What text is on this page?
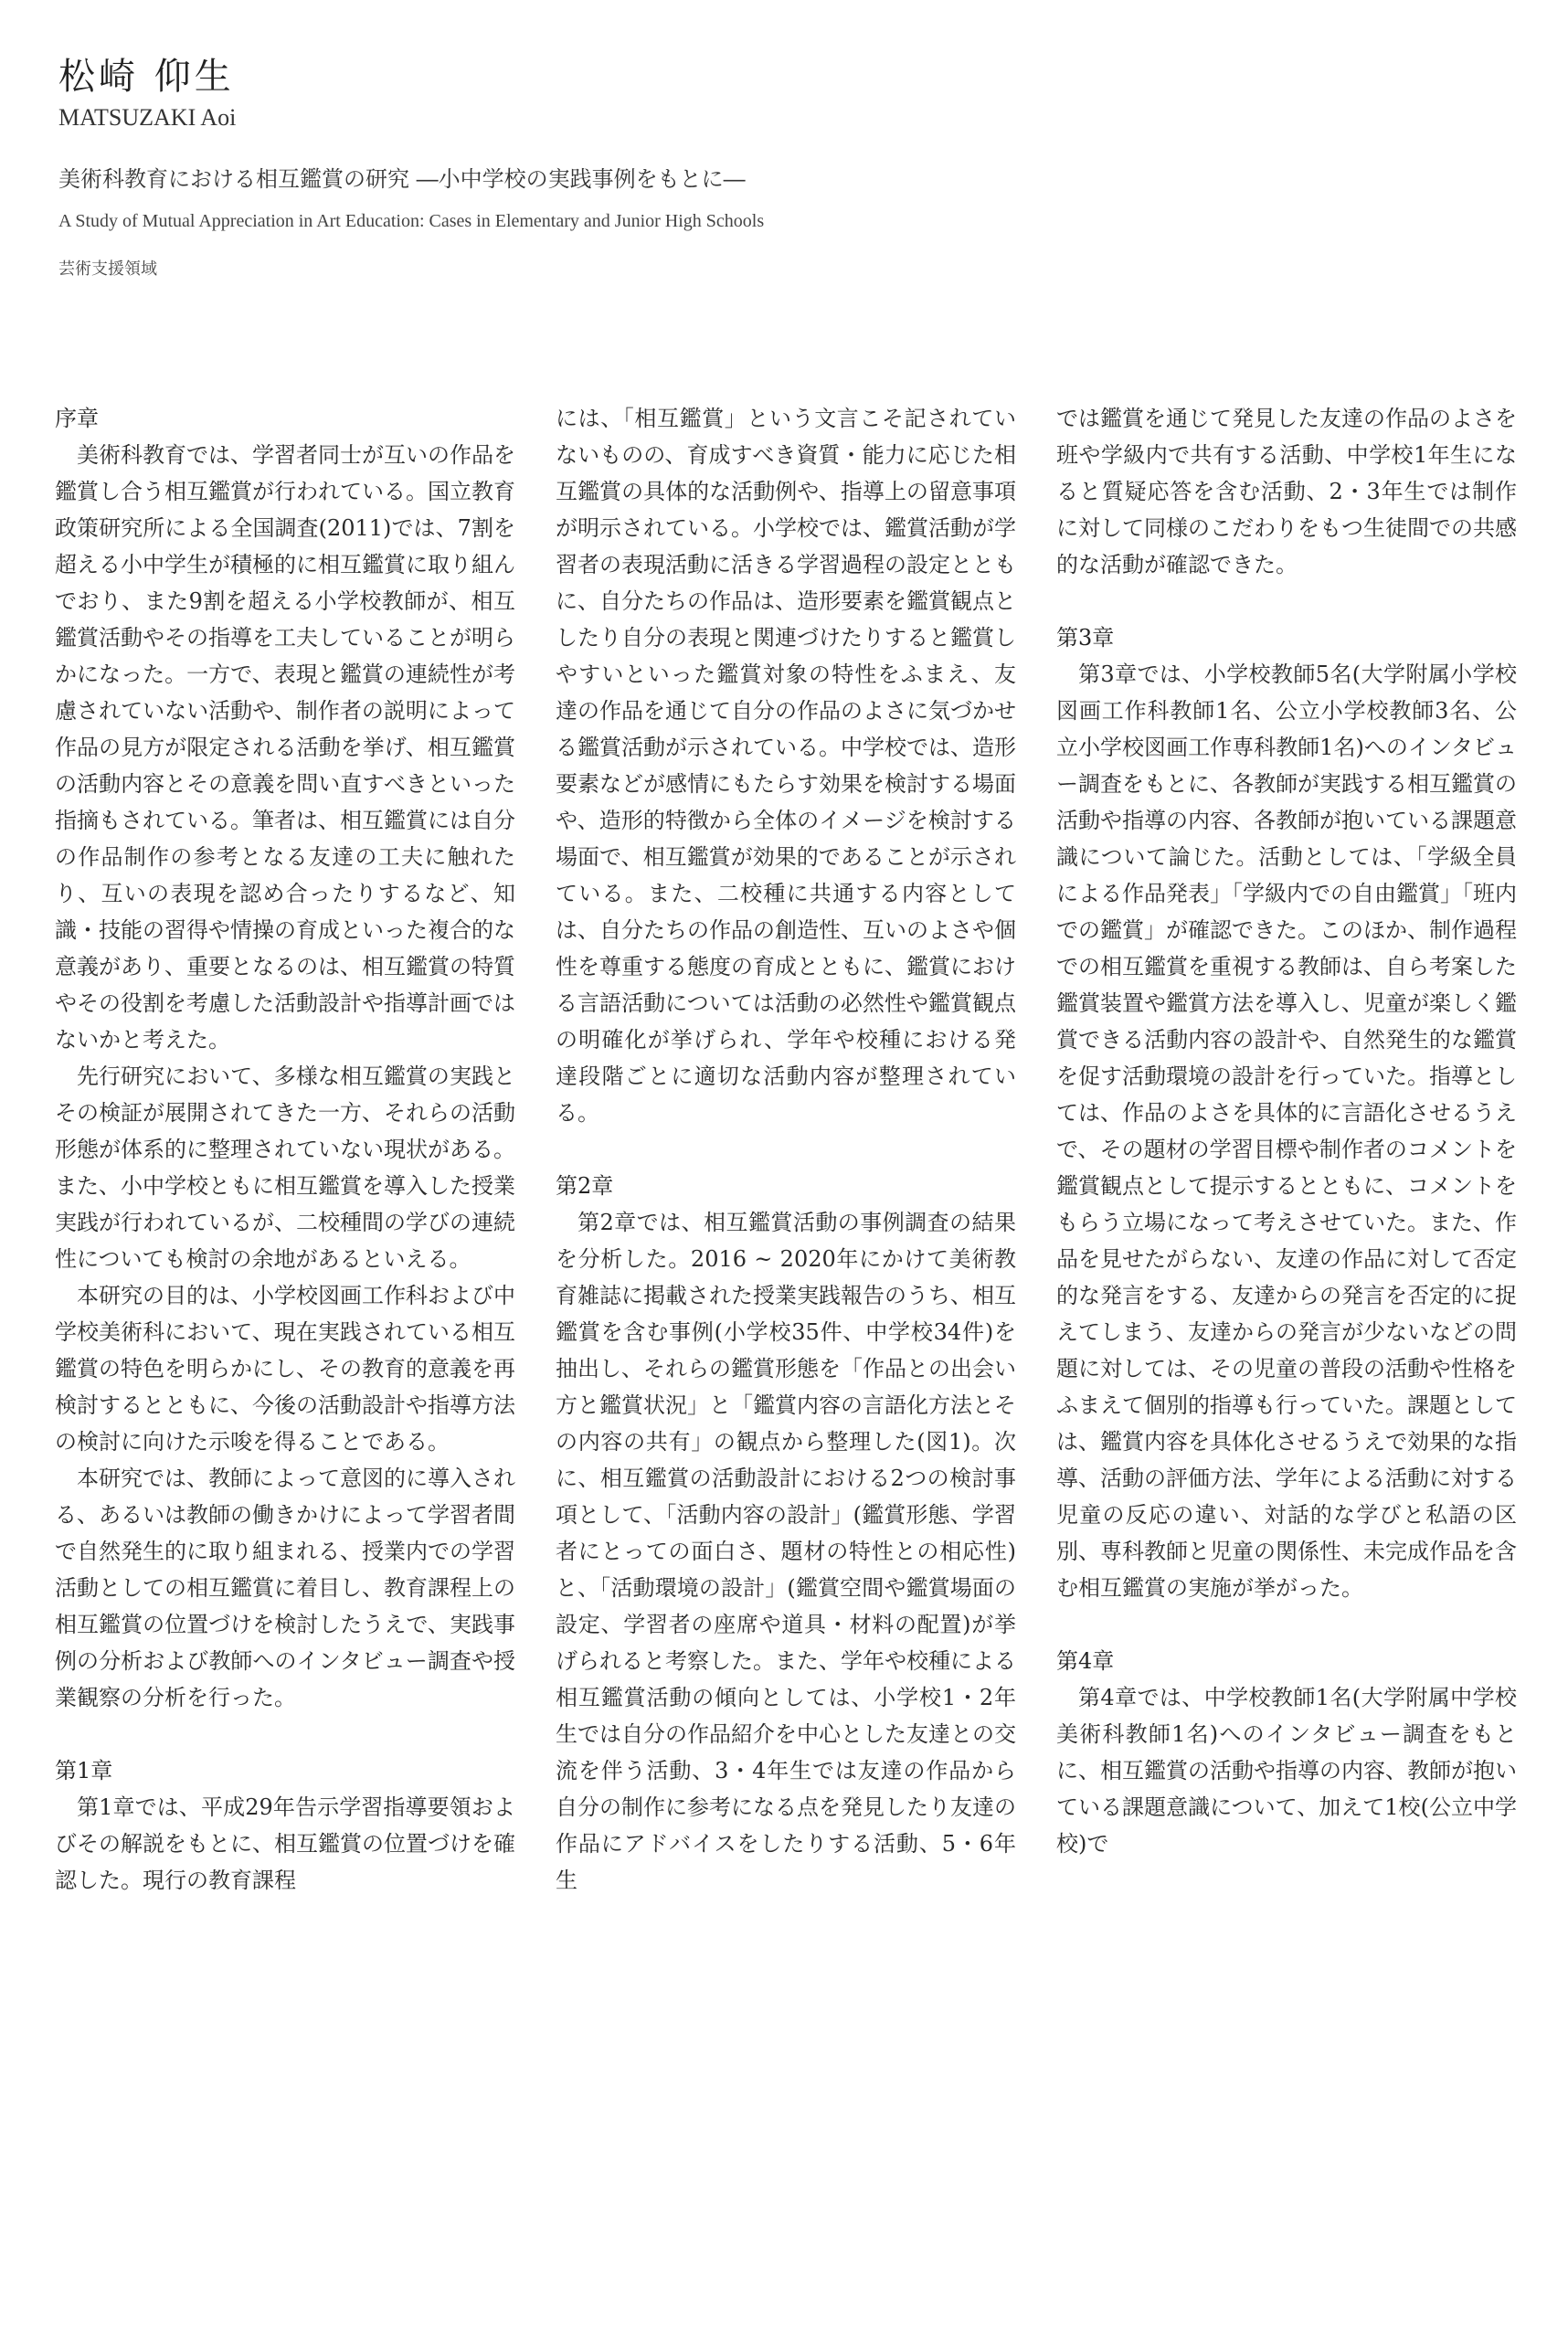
松崎 仰生
MATSUZAKI Aoi
美術科教育における相互鑑賞の研究 ―小中学校の実践事例をもとに―
A Study of Mutual Appreciation in Art Education: Cases in Elementary and Junior High Schools
芸術支援領域
序章

美術科教育では、学習者同士が互いの作品を鑑賞し合う相互鑑賞が行われている。国立教育政策研究所による全国調査(2011)では、7割を超える小中学生が積極的に相互鑑賞に取り組んでおり、また9割を超える小学校教師が、相互鑑賞活動やその指導を工夫していることが明らかになった。一方で、表現と鑑賞の連続性が考慮されていない活動や、制作者の説明によって作品の見方が限定される活動を挙げ、相互鑑賞の活動内容とその意義を問い直すべきといった指摘もされている。筆者は、相互鑑賞には自分の作品制作の参考となる友達の工夫に触れたり、互いの表現を認め合ったりするなど、知識・技能の習得や情操の育成といった複合的な意義があり、重要となるのは、相互鑑賞の特質やその役割を考慮した活動設計や指導計画ではないかと考えた。

先行研究において、多様な相互鑑賞の実践とその検証が展開されてきた一方、それらの活動形態が体系的に整理されていない現状がある。また、小中学校ともに相互鑑賞を導入した授業実践が行われているが、二校種間の学びの連続性についても検討の余地があるといえる。

本研究の目的は、小学校図画工作科および中学校美術科において、現在実践されている相互鑑賞の特色を明らかにし、その教育的意義を再検討するとともに、今後の活動設計や指導方法の検討に向けた示唆を得ることである。

本研究では、教師によって意図的に導入される、あるいは教師の働きかけによって学習者間で自然発生的に取り組まれる、授業内での学習活動としての相互鑑賞に着目し、教育課程上の相互鑑賞の位置づけを検討したうえで、実践事例の分析および教師へのインタビュー調査や授業観察の分析を行った。

第1章

第1章では、平成29年告示学習指導要領およびその解説をもとに、相互鑑賞の位置づけを確認した。現行の教育課程

には、「相互鑑賞」という文言こそ記されていないものの、育成すべき資質・能力に応じた相互鑑賞の具体的な活動例や、指導上の留意事項が明示されている。小学校では、鑑賞活動が学習者の表現活動に活きる学習過程の設定とともに、自分たちの作品は、造形要素を鑑賞観点としたり自分の表現と関連づけたりすると鑑賞しやすいといった鑑賞対象の特性をふまえ、友達の作品を通じて自分の作品のよさに気づかせる鑑賞活動が示されている。中学校では、造形要素などが感情にもたらす効果を検討する場面や、造形的特徴から全体のイメージを検討する場面で、相互鑑賞が効果的であることが示されている。また、二校種に共通する内容としては、自分たちの作品の創造性、互いのよさや個性を尊重する態度の育成とともに、鑑賞における言語活動については活動の必然性や鑑賞観点の明確化が挙げられ、学年や校種における発達段階ごとに適切な活動内容が整理されている。

第2章

第2章では、相互鑑賞活動の事例調査の結果を分析した。2016 ~ 2020年にかけて美術教育雑誌に掲載された授業実践報告のうち、相互鑑賞を含む事例(小学校35件、中学校34件)を抽出し、それらの鑑賞形態を「作品との出会い方と鑑賞状況」と「鑑賞内容の言語化方法とその内容の共有」の観点から整理した(図1)。次に、相互鑑賞の活動設計における2つの検討事項として、「活動内容の設計」(鑑賞形態、学習者にとっての面白さ、題材の特性との相応性)と、「活動環境の設計」(鑑賞空間や鑑賞場面の設定、学習者の座席や道具・材料の配置)が挙げられると考察した。また、学年や校種による相互鑑賞活動の傾向としては、小学校1・2年生では自分の作品紹介を中心とした友達との交流を伴う活動、3・4年生では友達の作品から自分の制作に参考になる点を発見したり友達の作品にアドバイスをしたりする活動、5・6年生

では鑑賞を通じて発見した友達の作品のよさを班や学級内で共有する活動、中学校1年生になると質疑応答を含む活動、2・3年生では制作に対して同様のこだわりをもつ生徒間での共感的な活動が確認できた。

第3章

第3章では、小学校教師5名(大学附属小学校図画工作科教師1名、公立小学校教師3名、公立小学校図画工作専科教師1名)へのインタビュー調査をもとに、各教師が実践する相互鑑賞の活動や指導の内容、各教師が抱いている課題意識について論じた。活動としては、「学級全員による作品発表」「学級内での自由鑑賞」「班内での鑑賞」が確認できた。このほか、制作過程での相互鑑賞を重視する教師は、自ら考案した鑑賞装置や鑑賞方法を導入し、児童が楽しく鑑賞できる活動内容の設計や、自然発生的な鑑賞を促す活動環境の設計を行っていた。指導としては、作品のよさを具体的に言語化させるうえで、その題材の学習目標や制作者のコメントを鑑賞観点として提示するとともに、コメントをもらう立場になって考えさせていた。また、作品を見せたがらない、友達の作品に対して否定的な発言をする、友達からの発言を否定的に捉えてしまう、友達からの発言が少ないなどの問題に対しては、その児童の普段の活動や性格をふまえて個別的指導も行っていた。課題としては、鑑賞内容を具体化させるうえで効果的な指導、活動の評価方法、学年による活動に対する児童の反応の違い、対話的な学びと私語の区別、専科教師と児童の関係性、未完成作品を含む相互鑑賞の実施が挙がった。

第4章

第4章では、中学校教師1名(大学附属中学校美術科教師1名)へのインタビュー調査をもとに、相互鑑賞の活動や指導の内容、教師が抱いている課題意識について、加えて1校(公立中学校)で
